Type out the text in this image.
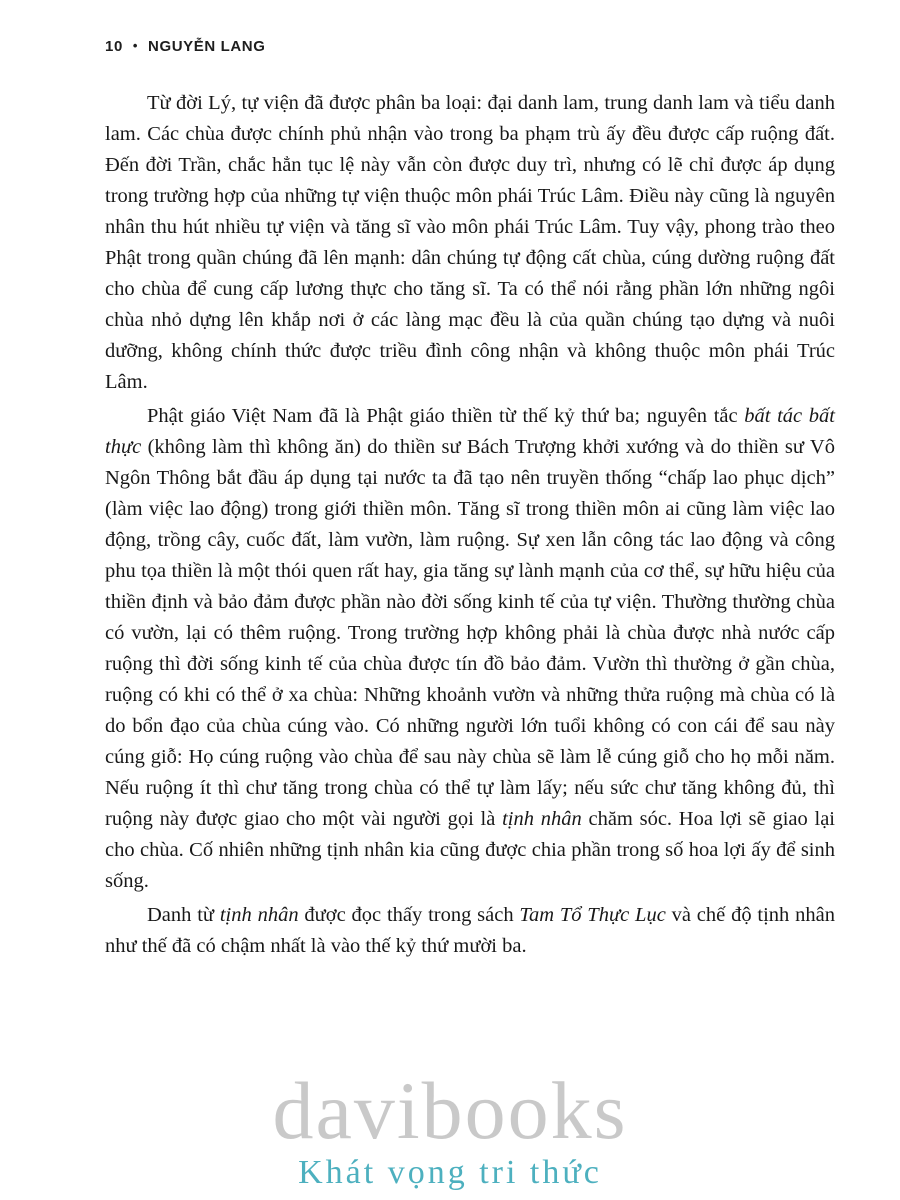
10 • NGUYỄN LANG

Từ đời Lý, tự viện đã được phân ba loại: đại danh lam, trung danh lam và tiểu danh lam. Các chùa được chính phủ nhận vào trong ba phạm trù ấy đều được cấp ruộng đất. Đến đời Trần, chắc hẳn tục lệ này vẫn còn được duy trì, nhưng có lẽ chỉ được áp dụng trong trường hợp của những tự viện thuộc môn phái Trúc Lâm. Điều này cũng là nguyên nhân thu hút nhiều tự viện và tăng sĩ vào môn phái Trúc Lâm. Tuy vậy, phong trào theo Phật trong quần chúng đã lên mạnh: dân chúng tự động cất chùa, cúng dường ruộng đất cho chùa để cung cấp lương thực cho tăng sĩ. Ta có thể nói rằng phần lớn những ngôi chùa nhỏ dựng lên khắp nơi ở các làng mạc đều là của quần chúng tạo dựng và nuôi dưỡng, không chính thức được triều đình công nhận và không thuộc môn phái Trúc Lâm.

Phật giáo Việt Nam đã là Phật giáo thiền từ thế kỷ thứ ba; nguyên tắc bất tác bất thực (không làm thì không ăn) do thiền sư Bách Trượng khởi xướng và do thiền sư Vô Ngôn Thông bắt đầu áp dụng tại nước ta đã tạo nên truyền thống “chấp lao phục dịch” (làm việc lao động) trong giới thiền môn. Tăng sĩ trong thiền môn ai cũng làm việc lao động, trồng cây, cuốc đất, làm vườn, làm ruộng. Sự xen lẫn công tác lao động và công phu tọa thiền là một thói quen rất hay, gia tăng sự lành mạnh của cơ thể, sự hữu hiệu của thiền định và bảo đảm được phần nào đời sống kinh tế của tự viện. Thường thường chùa có vườn, lại có thêm ruộng. Trong trường hợp không phải là chùa được nhà nước cấp ruộng thì đời sống kinh tế của chùa được tín đồ bảo đảm. Vườn thì thường ở gần chùa, ruộng có khi có thể ở xa chùa: Những khoảnh vườn và những thửa ruộng mà chùa có là do bổn đạo của chùa cúng vào. Có những người lớn tuổi không có con cái để sau này cúng giỗ: Họ cúng ruộng vào chùa để sau này chùa sẽ làm lễ cúng giỗ cho họ mỗi năm. Nếu ruộng ít thì chư tăng trong chùa có thể tự làm lấy; nếu sức chư tăng không đủ, thì ruộng này được giao cho một vài người gọi là tịnh nhân chăm sóc. Hoa lợi sẽ giao lại cho chùa. Cố nhiên những tịnh nhân kia cũng được chia phần trong số hoa lợi ấy để sinh sống.

Danh từ tịnh nhân được đọc thấy trong sách Tam Tổ Thực Lục và chế độ tịnh nhân như thế đã có chậm nhất là vào thế kỷ thứ mười ba.

davibooks
Khát vọng tri thức
